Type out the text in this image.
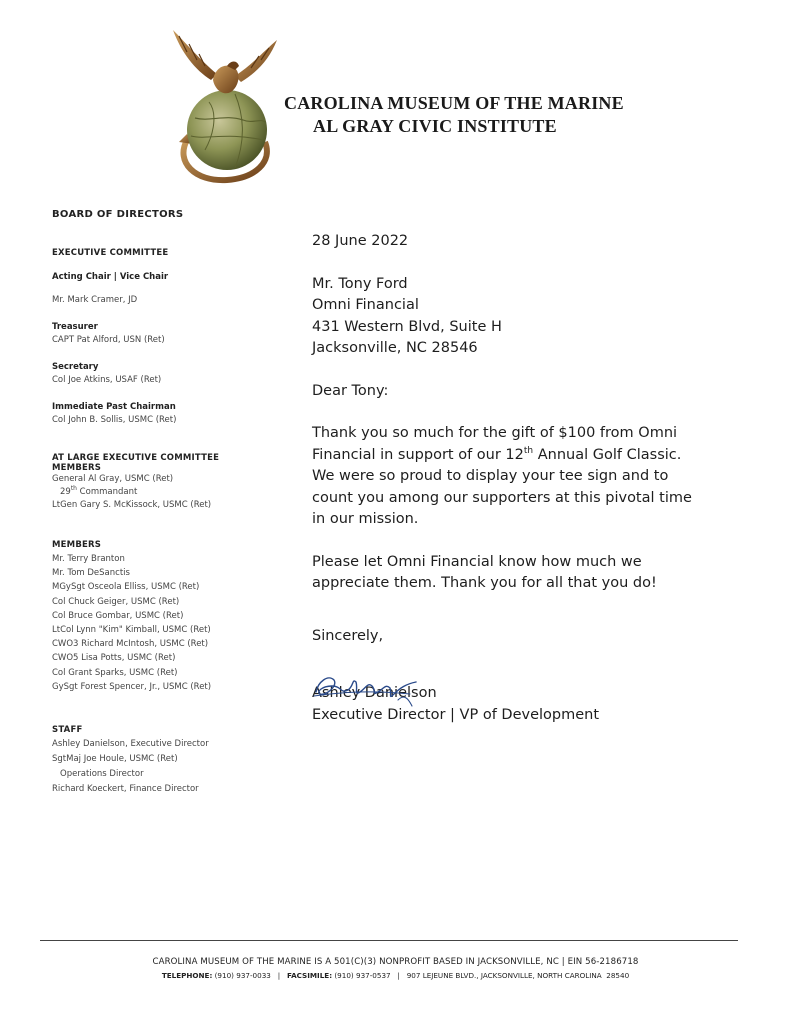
CAROLINA MUSEUM OF THE MARINE
AL GRAY CIVIC INSTITUTE
BOARD OF DIRECTORS
EXECUTIVE COMMITTEE
Acting Chair | Vice Chair
Mr. Mark Cramer, JD
Treasurer
CAPT Pat Alford, USN (Ret)
Secretary
Col Joe Atkins, USAF (Ret)
Immediate Past Chairman
Col John B. Sollis, USMC (Ret)
AT LARGE EXECUTIVE COMMITTEE
MEMBERS
General Al Gray, USMC (Ret)
29th Commandant
LtGen Gary S. McKissock, USMC (Ret)
MEMBERS
Mr. Terry Branton
Mr. Tom DeSanctis
MGySgt Osceola Elliss, USMC (Ret)
Col Chuck Geiger, USMC (Ret)
Col Bruce Gombar, USMC (Ret)
LtCol Lynn "Kim" Kimball, USMC (Ret)
CWO3 Richard McIntosh, USMC (Ret)
CWO5 Lisa Potts, USMC (Ret)
Col Grant Sparks, USMC (Ret)
GySgt Forest Spencer, Jr., USMC (Ret)
STAFF
Ashley Danielson, Executive Director
SgtMaj Joe Houle, USMC (Ret)
Operations Director
Richard Koeckert, Finance Director
28 June 2022
Mr. Tony Ford
Omni Financial
431 Western Blvd, Suite H
Jacksonville, NC 28546
Dear Tony:
Thank you so much for the gift of $100 from Omni
Financial in support of our 12th Annual Golf Classic.
We were so proud to display your tee sign and to
count you among our supporters at this pivotal time
in our mission.
Please let Omni Financial know how much we
appreciate them. Thank you for all that you do!
Sincerely,
Ashley Danielson
Executive Director | VP of Development
CAROLINA MUSEUM OF THE MARINE IS A 501(C)(3) NONPROFIT BASED IN JACKSONVILLE, NC | EIN 56-2186718
TELEPHONE: (910) 937-0033   |   FACSIMILE: (910) 937-0537   |   907 LEJEUNE BLVD., JACKSONVILLE, NORTH CAROLINA  28540
